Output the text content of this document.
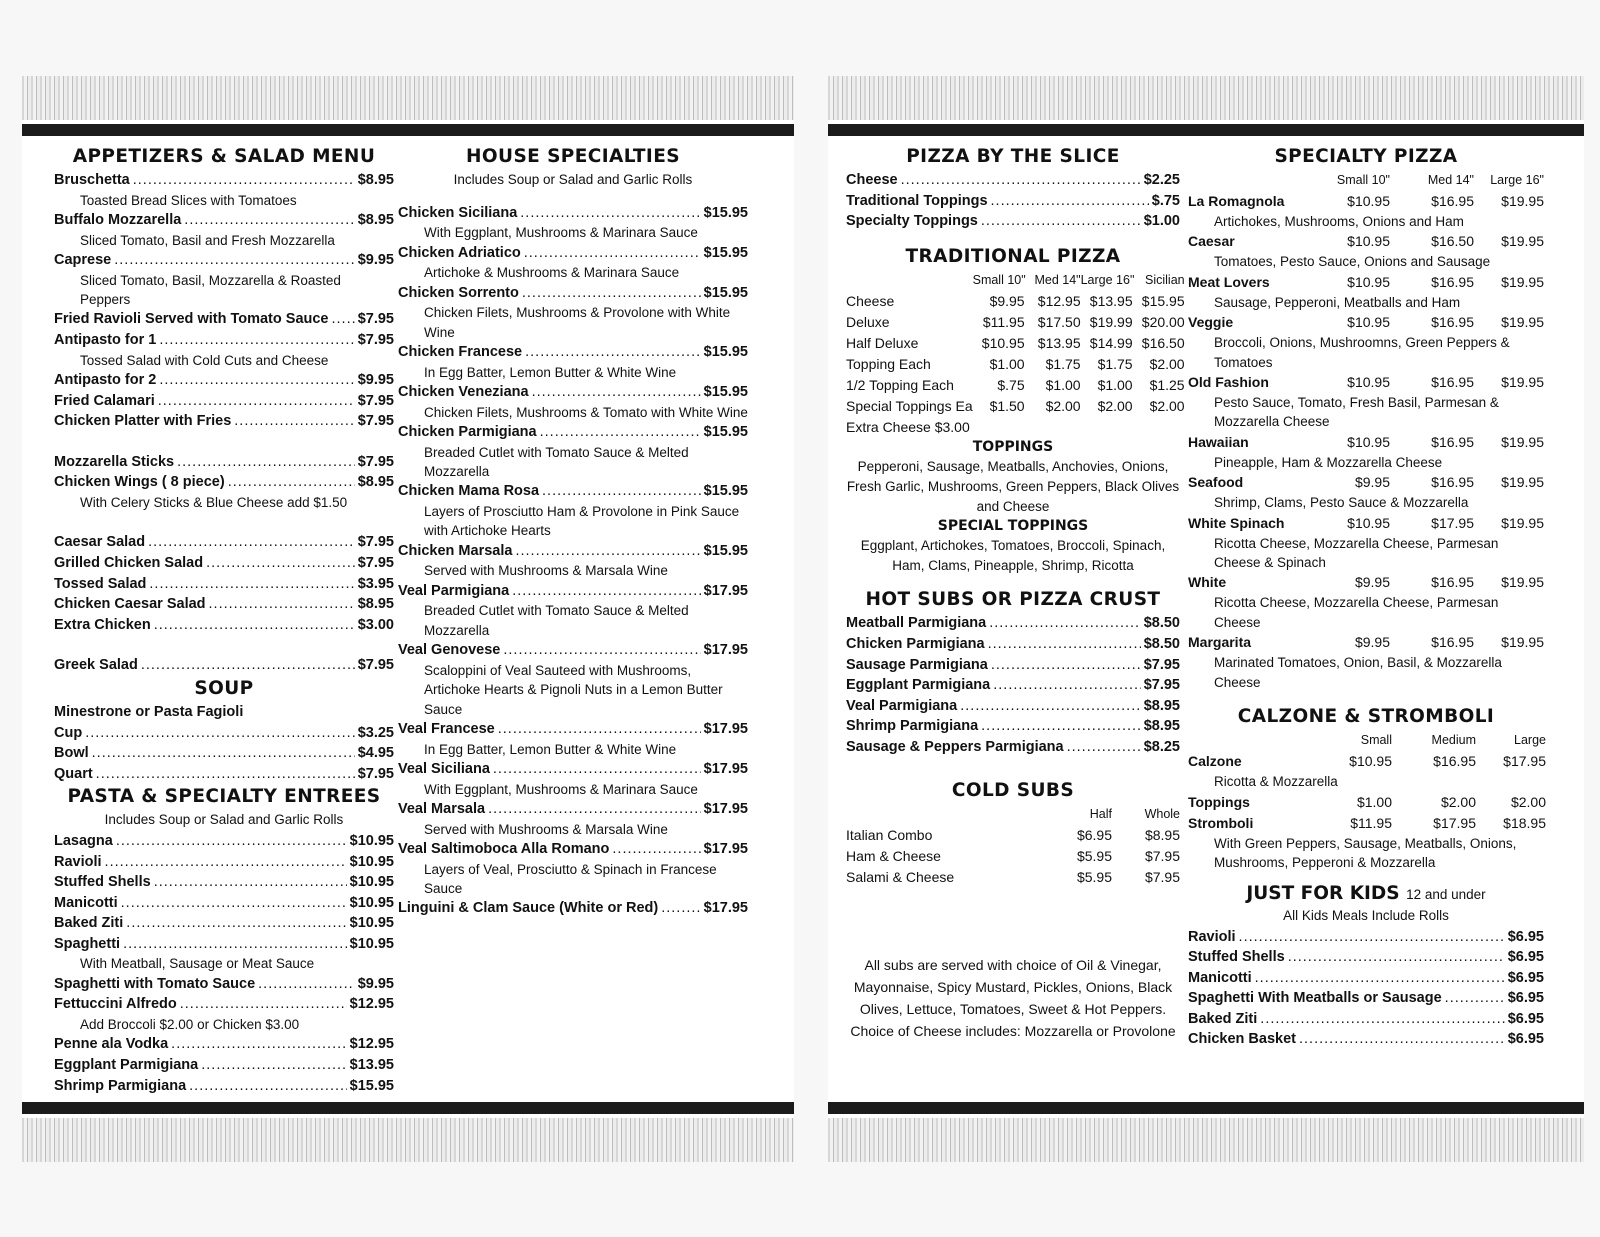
APPETIZERS & SALAD MENU
Bruschetta .....	$8.95
Toasted Bread Slices with Tomatoes
Buffalo Mozzarella .....	$8.95
Sliced Tomato, Basil and Fresh Mozzarella
Caprese .....	$9.95
Sliced Tomato, Basil, Mozzarella & Roasted Peppers
Fried Ravioli Served with Tomato Sauce ..... $7.95
Antipasto for 1 .....	$7.95
Tossed Salad with Cold Cuts and Cheese
Antipasto for 2 .....	$9.95
Fried Calamari .....	$7.95
Chicken Platter with Fries .....	$7.95
Mozzarella Sticks .....	$7.95
Chicken Wings ( 8 piece) .....	$8.95
With Celery Sticks & Blue Cheese add $1.50
Caesar Salad .....	$7.95
Grilled Chicken Salad .....	$7.95
Tossed Salad .....	$3.95
Chicken Caesar Salad .....	$8.95
Extra Chicken .....	$3.00
Greek Salad .....	$7.95
SOUP
Minestrone or Pasta Fagioli
Cup .....	$3.25
Bowl .....	$4.95
Quart .....	$7.95
PASTA & SPECIALTY ENTREES
Includes Soup or Salad and Garlic Rolls
Lasagna .....	$10.95
Ravioli .....	$10.95
Stuffed Shells .....	$10.95
Manicotti .....	$10.95
Baked Ziti .....	$10.95
Spaghetti .....	$10.95
With Meatball, Sausage or Meat Sauce
Spaghetti with Tomato Sauce .....	$9.95
Fettuccini Alfredo .....	$12.95
Add Broccoli $2.00 or Chicken $3.00
Penne ala Vodka .....	$12.95
Eggplant Parmigiana .....	$13.95
Shrimp Parmigiana .....	$15.95
HOUSE SPECIALTIES
Includes Soup or Salad and Garlic Rolls
Chicken Siciliana .....	$15.95
With Eggplant, Mushrooms & Marinara Sauce
Chicken Adriatico .....	$15.95
Artichoke & Mushrooms & Marinara Sauce
Chicken Sorrento .....	$15.95
Chicken Filets, Mushrooms & Provolone with White Wine
Chicken Francese .....	$15.95
In Egg Batter, Lemon Butter & White Wine
Chicken Veneziana .....	$15.95
Chicken Filets, Mushrooms & Tomato with White Wine
Chicken Parmigiana .....	$15.95
Breaded Cutlet with Tomato Sauce & Melted Mozzarella
Chicken Mama Rosa .....	$15.95
Layers of Prosciutto Ham & Provolone in Pink Sauce with Artichoke Hearts
Chicken Marsala .....	$15.95
Served with Mushrooms & Marsala Wine
Veal Parmigiana .....	$17.95
Breaded Cutlet with Tomato Sauce & Melted Mozzarella
Veal Genovese .....	$17.95
Scaloppini of Veal Sauteed with Mushrooms, Artichoke Hearts & Pignoli Nuts in a Lemon Butter Sauce
Veal Francese .....	$17.95
In Egg Batter, Lemon Butter & White Wine
Veal Siciliana .....	$17.95
With Eggplant, Mushrooms & Marinara Sauce
Veal Marsala .....	$17.95
Served with Mushrooms & Marsala Wine
Veal Saltimoboca Alla Romano .....	$17.95
Layers of Veal, Prosciutto & Spinach in Francese Sauce
Linguini & Clam Sauce (White or Red) .....	$17.95
PIZZA BY THE SLICE
Cheese .....	$2.25
Traditional Toppings .....	$.75
Specialty Toppings .....	$1.00
TRADITIONAL PIZZA
Small 10" Med 14" Large 16" Sicilian
Cheese	$9.95 $12.95 $13.95 $15.95
Deluxe	$11.95 $17.50 $19.99 $20.00
Half Deluxe	$10.95 $13.95 $14.99 $16.50
Topping Each	$1.00	$1.75	$1.75	$2.00
1/2 Topping Each	$.75	$1.00	$1.00	$1.25
Special Toppings Ea	$1.50	$2.00	$2.00	$2.00
Extra Cheese $3.00
TOPPINGS
Pepperoni, Sausage, Meatballs, Anchovies, Onions, Fresh Garlic, Mushrooms, Green Peppers, Black Olives and Cheese
SPECIAL TOPPINGS
Eggplant, Artichokes, Tomatoes, Broccoli, Spinach, Ham, Clams, Pineapple, Shrimp, Ricotta
HOT SUBS OR PIZZA CRUST
Meatball Parmigiana .....	$8.50
Chicken Parmigiana .....	$8.50
Sausage Parmigiana .....	$7.95
Eggplant Parmigiana .....	$7.95
Veal Parmigiana .....	$8.95
Shrimp Parmigiana .....	$8.95
Sausage & Peppers Parmigiana .....	$8.25
COLD SUBS
Half	Whole
Italian Combo	$6.95	$8.95
Ham & Cheese	$5.95	$7.95
Salami & Cheese	$5.95	$7.95
All subs are served with choice of Oil & Vinegar, Mayonnaise, Spicy Mustard, Pickles, Onions, Black Olives, Lettuce, Tomatoes, Sweet & Hot Peppers. Choice of Cheese includes: Mozzarella or Provolone
SPECIALTY PIZZA
Small 10"	Med 14"	Large 16"
La Romagnola	$10.95	$16.95	$19.95
Artichokes, Mushrooms, Onions and Ham
Caesar	$10.95	$16.50	$19.95
Tomatoes, Pesto Sauce, Onions and Sausage
Meat Lovers	$10.95	$16.95	$19.95
Sausage, Pepperoni, Meatballs and Ham
Veggie	$10.95	$16.95	$19.95
Broccoli, Onions, Mushroomns, Green Peppers & Tomatoes
Old Fashion	$10.95	$16.95	$19.95
Pesto Sauce, Tomato, Fresh Basil, Parmesan & Mozzarella Cheese
Hawaiian	$10.95	$16.95	$19.95
Pineapple, Ham & Mozzarella Cheese
Seafood	$9.95	$16.95	$19.95
Shrimp, Clams, Pesto Sauce & Mozzarella
White Spinach	$10.95	$17.95	$19.95
Ricotta Cheese, Mozzarella Cheese, Parmesan Cheese & Spinach
White	$9.95	$16.95	$19.95
Ricotta Cheese, Mozzarella Cheese, Parmesan Cheese
Margarita	$9.95	$16.95	$19.95
Marinated Tomatoes, Onion, Basil, & Mozzarella Cheese
CALZONE & STROMBOLI
Small	Medium	Large
Calzone	$10.95	$16.95	$17.95
Ricotta & Mozzarella
Toppings	$1.00	$2.00	$2.00
Stromboli	$11.95	$17.95	$18.95
With Green Peppers, Sausage, Meatballs, Onions, Mushrooms, Pepperoni & Mozzarella
JUST FOR KIDS 12 and under
All Kids Meals Include Rolls
Ravioli .....	$6.95
Stuffed Shells .....	$6.95
Manicotti .....	$6.95
Spaghetti With Meatballs or Sausage .....	$6.95
Baked Ziti .....	$6.95
Chicken Basket .....	$6.95
